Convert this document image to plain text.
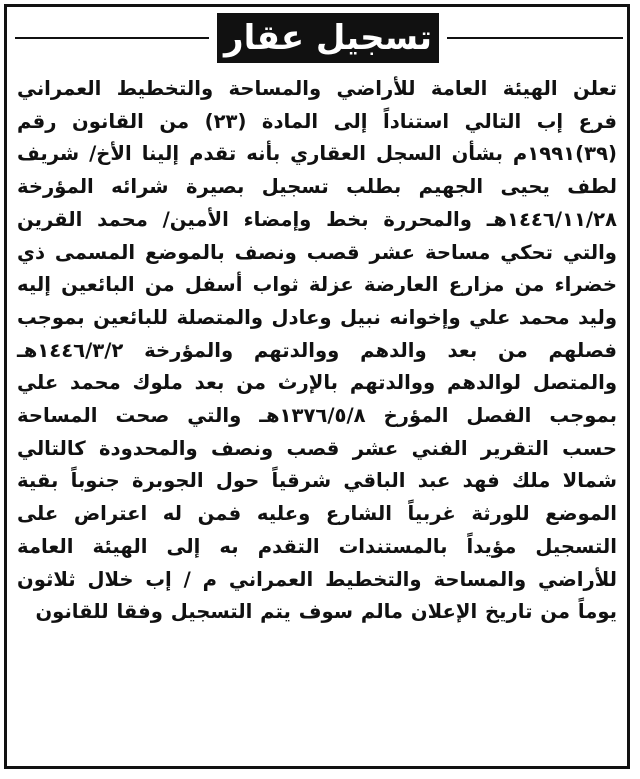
تسجيل عقار

تعلن الهيئة العامة للأراضي والمساحة والتخطيط العمراني فرع إب التالي استناداً إلى المادة (٢٣) من القانون رقم (٣٩)١٩٩١م بشأن السجل العقاري بأنه تقدم إلينا الأخ/ شريف لطف يحيى الجهيم بطلب تسجيل بصيرة شرائه المؤرخة ١٤٤٦/١١/٢٨هـ والمحررة بخط وإمضاء الأمين/ محمد القرين والتي تحكي مساحة عشر قصب ونصف بالموضع المسمى ذي خضراء من مزارع العارضة عزلة ثواب أسفل من البائعين إليه وليد محمد علي وإخوانه نبيل وعادل والمتصلة للبائعين بموجب فصلهم من بعد والدهم ووالدتهم والمؤرخة ١٤٤٦/٣/٢هـ والمتصل لوالدهم ووالدتهم بالإرث من بعد ملوك محمد علي بموجب الفصل المؤرخ ١٣٧٦/٥/٨هـ والتي صحت المساحة حسب التقرير الفني عشر قصب ونصف والمحدودة كالتالي شمالا ملك فهد عبد الباقي شرقياً حول الجوبرة جنوباً بقية الموضع للورثة غربياً الشارع وعليه فمن له اعتراض على التسجيل مؤيداً بالمستندات التقدم به إلى الهيئة العامة للأراضي والمساحة والتخطيط العمراني م / إب خلال ثلاثون يوماً من تاريخ الإعلان مالم سوف يتم التسجيل وفقا للقانون
